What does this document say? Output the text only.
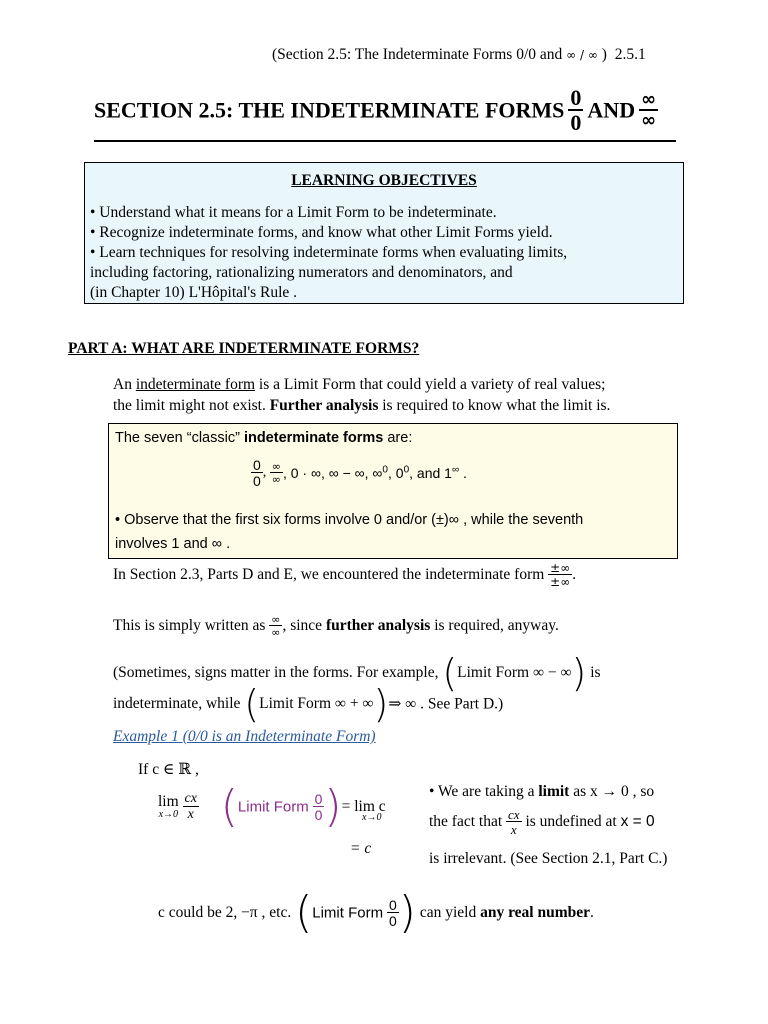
(Section 2.5: The Indeterminate Forms 0/0 and ∞ / ∞ ) 2.5.1
SECTION 2.5: THE INDETERMINATE FORMS $\frac{0}{0}$ AND $\frac{\infty}{\infty}$
LEARNING OBJECTIVES
• Understand what it means for a Limit Form to be indeterminate.
• Recognize indeterminate forms, and know what other Limit Forms yield.
• Learn techniques for resolving indeterminate forms when evaluating limits,
including factoring, rationalizing numerators and denominators, and
(in Chapter 10) L'Hôpital's Rule .
PART A: WHAT ARE INDETERMINATE FORMS?
An indeterminate form is a Limit Form that could yield a variety of real values;
the limit might not exist. Further analysis is required to know what the limit is.
The seven “classic” indeterminate forms are:
$\frac{0}{0}$ , $\frac{\infty}{\infty}$ , 0 · ∞, ∞ − ∞, ∞$^0$, $0^0$, and 1∞ .
• Observe that the first six forms involve 0 and/or (±)∞ , while the seventh
involves 1 and ∞ .
In Section 2.3, Parts D and E, we encountered the indeterminate form $\frac{\pm\infty}{\pm\infty}$ .
This is simply written as $\frac{\infty}{\infty}$ , since further analysis is required, anyway.
(Sometimes, signs matter in the forms. For example, (Limit Form ∞ − ∞) is
indeterminate, while (Limit Form ∞ + ∞)⇒ ∞ . See Part D.)
Example 1 (0/0 is an Indeterminate Form)
If c ∈ ℝ ,
lim
x→0
$\frac{cx}{x}$ (Limit Form $\frac{0}{0}$ )= lim c
x→0
= c
• We are taking a limit as x → 0 , so
the fact that $\frac{cx}{x}$ is undefined at x = 0
is irrelevant. (See Section 2.1, Part C.)
c could be 2, −π , etc. (Limit Form $\frac{0}{0}$ ) can yield any real number.
